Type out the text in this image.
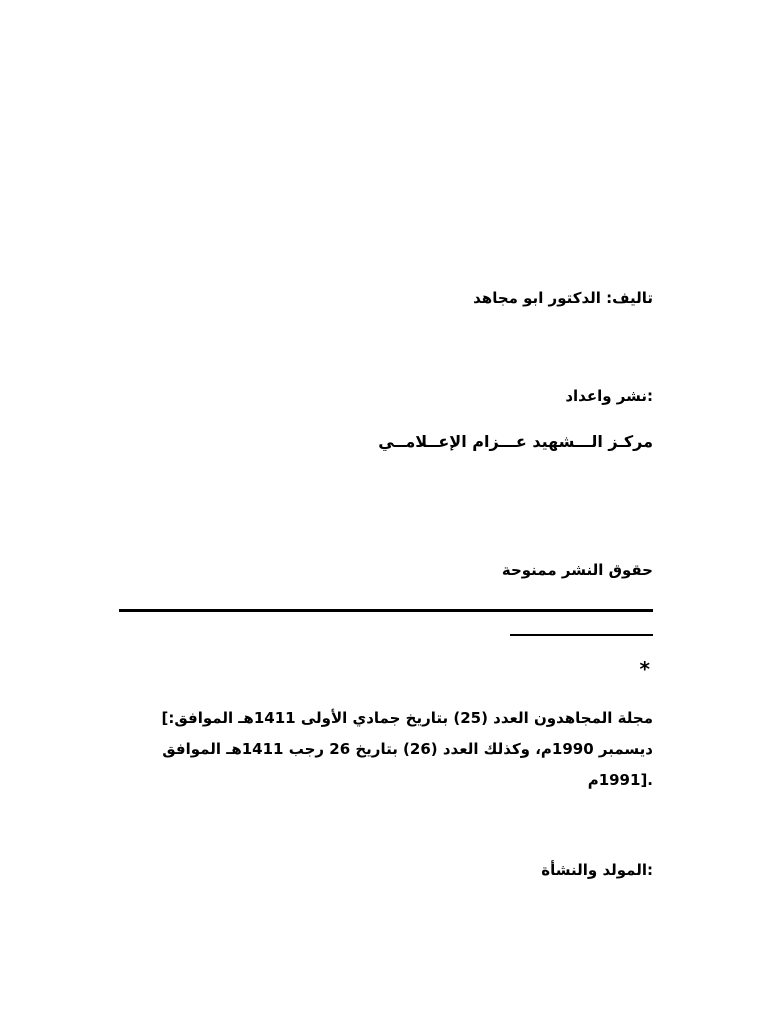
تاليف: الدكتور ابو مجاهد
:نشر واعداد
مركـز الـــشهيد عـــزام الإعــلامــي
حقوق النشر ممنوحة
*
مجلة المجاهدون العدد (25) بتاريخ جمادي الأولى 1411هـ الموافق:]
ديسمبر 1990م، وكذلك العدد (26) بتاريخ 26 رجب 1411هـ الموافق
.[1991م
:المولد والنشأة
